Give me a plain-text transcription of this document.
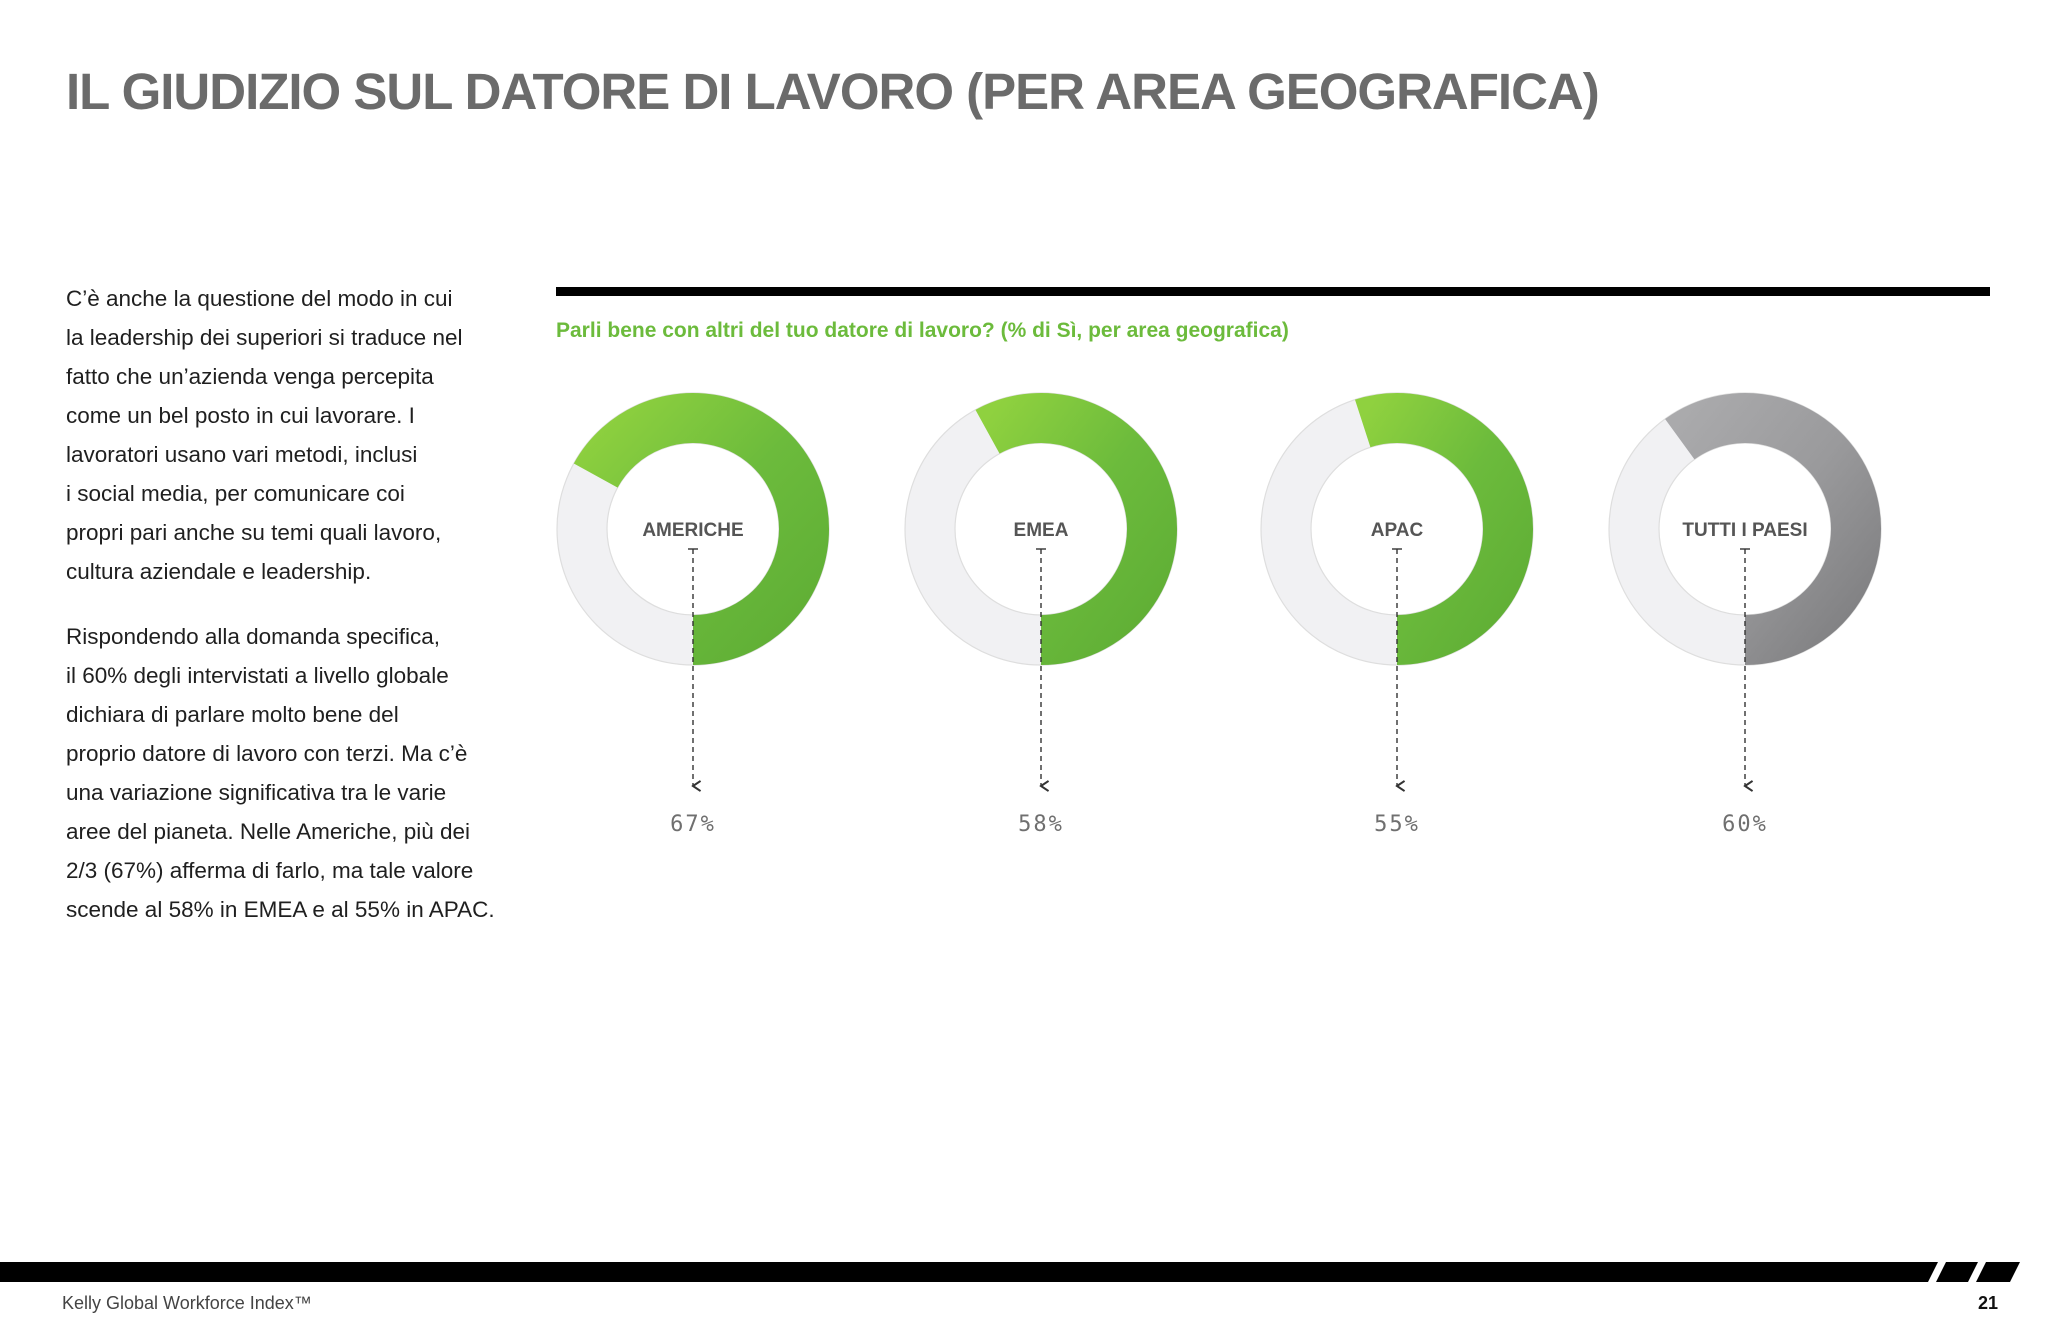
IL GIUDIZIO SUL DATORE DI LAVORO (PER AREA GEOGRAFICA)

C’è anche la questione del modo in cui
la leadership dei superiori si traduce nel
fatto che un’azienda venga percepita
come un bel posto in cui lavorare. I
lavoratori usano vari metodi, inclusi
i social media, per comunicare coi
propri pari anche su temi quali lavoro,
cultura aziendale e leadership.

Rispondendo alla domanda specifica,
il 60% degli intervistati a livello globale
dichiara di parlare molto bene del
proprio datore di lavoro con terzi. Ma c’è
una variazione significativa tra le varie
aree del pianeta. Nelle Americhe, più dei
2/3 (67%) afferma di farlo, ma tale valore
scende al 58% in EMEA e al 55% in APAC.

Parli bene con altri del tuo datore di lavoro? (% di Sì, per area geografica)
AMERICHE
67%
EMEA
58%
APAC
55%
TUTTI I PAESI
60%
Kelly Global Workforce Index™	21
